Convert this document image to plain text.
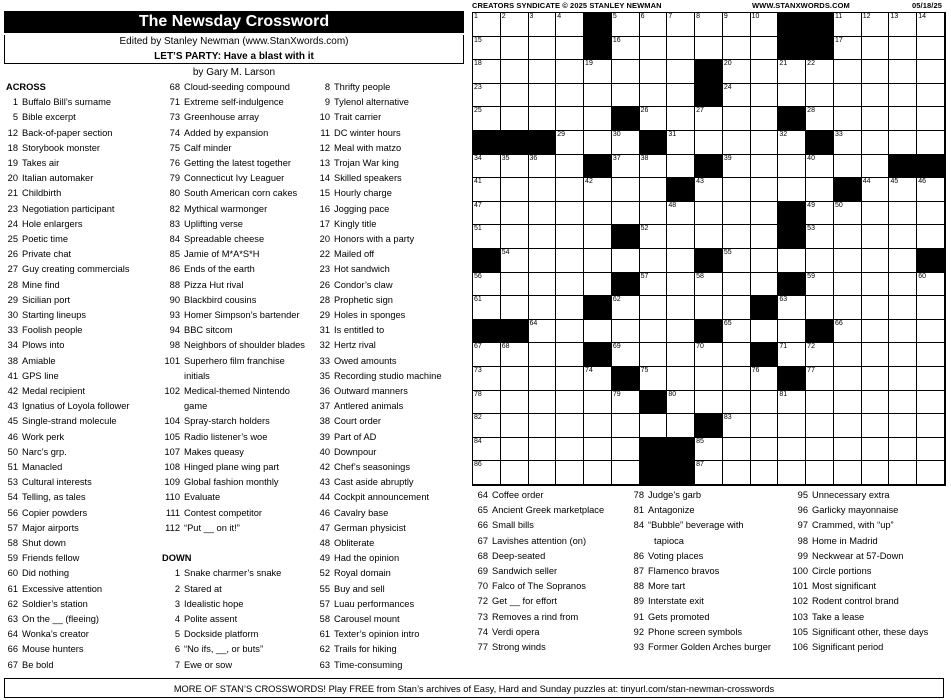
The Newsday Crossword
Edited by Stanley Newman (www.StanXwords.com)
LET’S PARTY: Have a blast with it
by Gary M. Larson
CREATORS SYNDICATE © 2025 STANLEY NEWMAN	WWW.STANXWORDS.COM	05/18/25
ACROSS
1 Buffalo Bill’s surname
5 Bible excerpt
12 Back-of-paper section
18 Storybook monster
19 Takes air
20 Italian automaker
21 Childbirth
23 Negotiation participant
24 Hole enlargers
25 Poetic time
26 Private chat
27 Guy creating commercials
28 Mine find
29 Sicilian port
30 Starting lineups
33 Foolish people
34 Plows into
38 Amiable
41 GPS line
42 Medal recipient
43 Ignatius of Loyola follower
45 Single-strand molecule
46 Work perk
50 Narc’s grp.
51 Manacled
53 Cultural interests
54 Telling, as tales
56 Copier powders
57 Major airports
58 Shut down
59 Friends fellow
60 Did nothing
61 Excessive attention
62 Soldier’s station
63 On the __ (fleeing)
64 Wonka’s creator
66 Mouse hunters
67 Be bold
68 Cloud-seeding compound
71 Extreme self-indulgence
73 Greenhouse array
74 Added by expansion
75 Calf minder
76 Getting the latest together
79 Connecticut Ivy Leaguer
80 South American corn cakes
82 Mythical warmonger
83 Uplifting verse
84 Spreadable cheese
85 Jamie of M*A*S*H
86 Ends of the earth
88 Pizza Hut rival
90 Blackbird cousins
93 Homer Simpson’s bartender
94 BBC sitcom
98 Neighbors of shoulder blades
101 Superhero film franchise
initials
102 Medical-themed Nintendo
game
104 Spray-starch holders
105 Radio listener’s woe
107 Makes queasy
108 Hinged plane wing part
109 Global fashion monthly
110 Evaluate
111 Contest competitor
112 “Put __ on it!”
DOWN
1 Snake charmer’s snake
2 Stared at
3 Idealistic hope
4 Polite assent
5 Dockside platform
6 “No ifs, __, or buts”
7 Ewe or sow
8 Thrifty people
9 Tylenol alternative
10 Trait carrier
11 DC winter hours
12 Meal with matzo
13 Trojan War king
14 Skilled speakers
15 Hourly charge
16 Jogging pace
17 Kingly title
20 Honors with a party
22 Mailed off
23 Hot sandwich
26 Condor’s claw
28 Prophetic sign
29 Holes in sponges
31 Is entitled to
32 Hertz rival
33 Owed amounts
35 Recording studio machine
36 Outward manners
37 Antlered animals
38 Court order
39 Part of AD
40 Downpour
42 Chef’s seasonings
43 Cast aside abruptly
44 Cockpit announcement
46 Cavalry base
47 German physicist
48 Obliterate
49 Had the opinion
52 Royal domain
55 Buy and sell
57 Luau performances
58 Carousel mount
61 Texter’s opinion intro
62 Trails for hiking
63 Time-consuming
64 Coffee order
65 Ancient Greek marketplace
66 Small bills
67 Lavishes attention (on)
68 Deep-seated
69 Sandwich seller
70 Falco of The Sopranos
72 Get __ for effort
73 Removes a rind from
74 Verdi opera
77 Strong winds
78 Judge’s garb
81 Antagonize
84 “Bubble” beverage with
tapioca
86 Voting places
87 Flamenco bravos
88 More tart
89 Interstate exit
91 Gets promoted
92 Phone screen symbols
93 Former Golden Arches burger
95 Unnecessary extra
96 Garlicky mayonnaise
97 Crammed, with “up”
98 Home in Madrid
99 Neckwear at 57-Down
100 Circle portions
101 Most significant
102 Rodent control brand
103 Take a lease
105 Significant other, these days
106 Significant period
1	2	3	4	5	6	7	8	9	10	11	12	13	14
15	16	17
18	19	20	21	22
23	24
25	26	27	28
29	30	31	32	33
34	35	36	37	38	39	40
41	42	43	44	45	46
47	48	49	50
51	52	53
54	55
56	57	58	59	60
61	62	63
64	65	66
67	68	69	70	71	72
73	74	75	76	77
78	79	80	81
82	83
84	85
86	87
MORE OF STAN’S CROSSWORDS! Play FREE from Stan’s archives of Easy, Hard and Sunday puzzles at: tinyurl.com/stan-newman-crosswords
